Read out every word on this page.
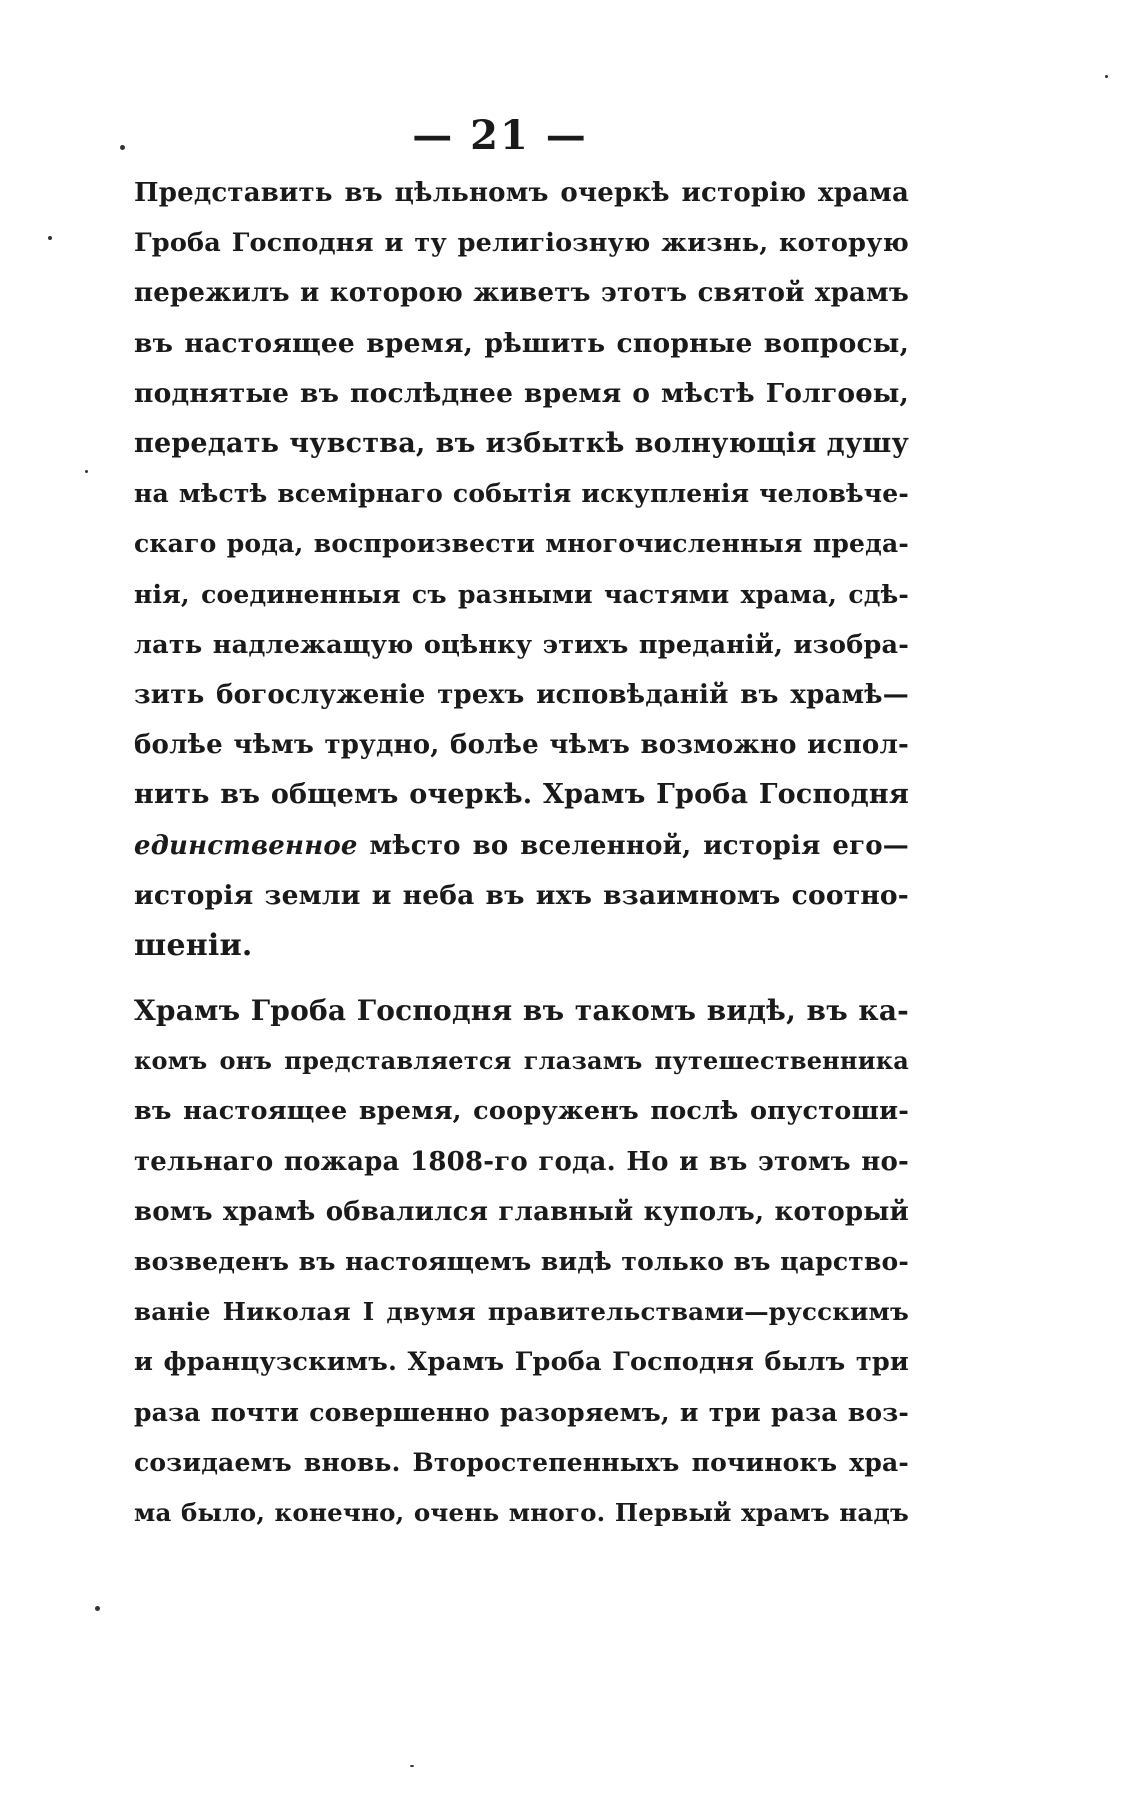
— 21 —
Представить въ цѣльномъ очеркѣ исторію храма
Гроба Господня и ту религіозную жизнь, которую
пережилъ и которою живетъ этотъ святой храмъ
въ настоящее время, рѣшить спорные вопросы,
поднятые въ послѣднее время о мѣстѣ Голгоѳы,
передать чувства, въ избыткѣ волнующія душу
на мѣстѣ всемірнаго событія искупленія человѣче-
скаго рода, воспроизвести многочисленныя преда-
нія, соединенныя съ разными частями храма, сдѣ-
лать надлежащую оцѣнку этихъ преданій, изобра-
зить богослуженіе трехъ исповѣданій въ храмѣ—
болѣе чѣмъ трудно, болѣе чѣмъ возможно испол-
нить въ общемъ очеркѣ. Храмъ Гроба Господня
единственное мѣсто во вселенной, исторія его—
исторія земли и неба въ ихъ взаимномъ соотно-
шеніи.
Храмъ Гроба Господня въ такомъ видѣ, въ ка-
комъ онъ представляется глазамъ путешественника
въ настоящее время, сооруженъ послѣ опустоши-
тельнаго пожара 1808-го года. Но и въ этомъ но-
вомъ храмѣ обвалился главный куполъ, который
возведенъ въ настоящемъ видѣ только въ царство-
ваніе Николая I двумя правительствами—русскимъ
и французскимъ. Храмъ Гроба Господня былъ три
раза почти совершенно разоряемъ, и три раза воз-
созидаемъ вновь. Второстепенныхъ починокъ хра-
ма было, конечно, очень много. Первый храмъ надъ
